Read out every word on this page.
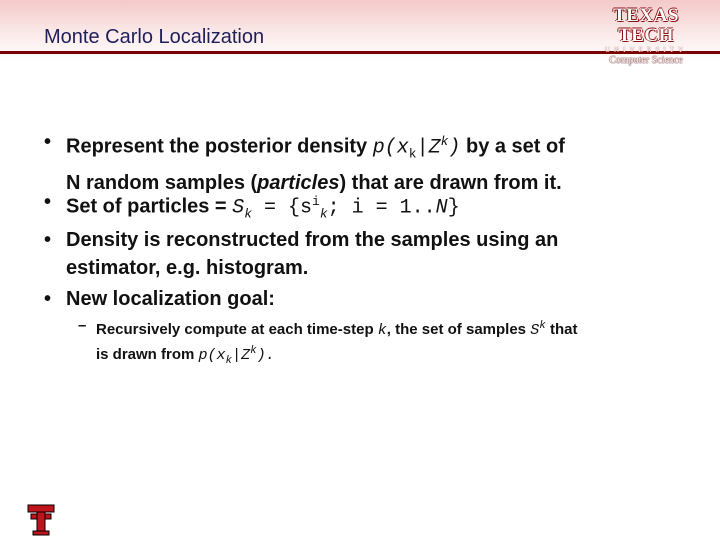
Monte Carlo Localization
TEXAS TECH
UNIVERSITY
Computer Science
• Represent the posterior density $p(x_k|Z^k)$ by a set of
N random samples (particles) that are drawn from it.
• Set of particles = $S_k = \{s^i_k$; i = 1..N}
• Density is reconstructed from the samples using an
estimator, e.g. histogram.
• New localization goal:
– Recursively compute at each time-step k, the set of samples $S^k$ that
is drawn from $p(x_k|Z^k)$.
